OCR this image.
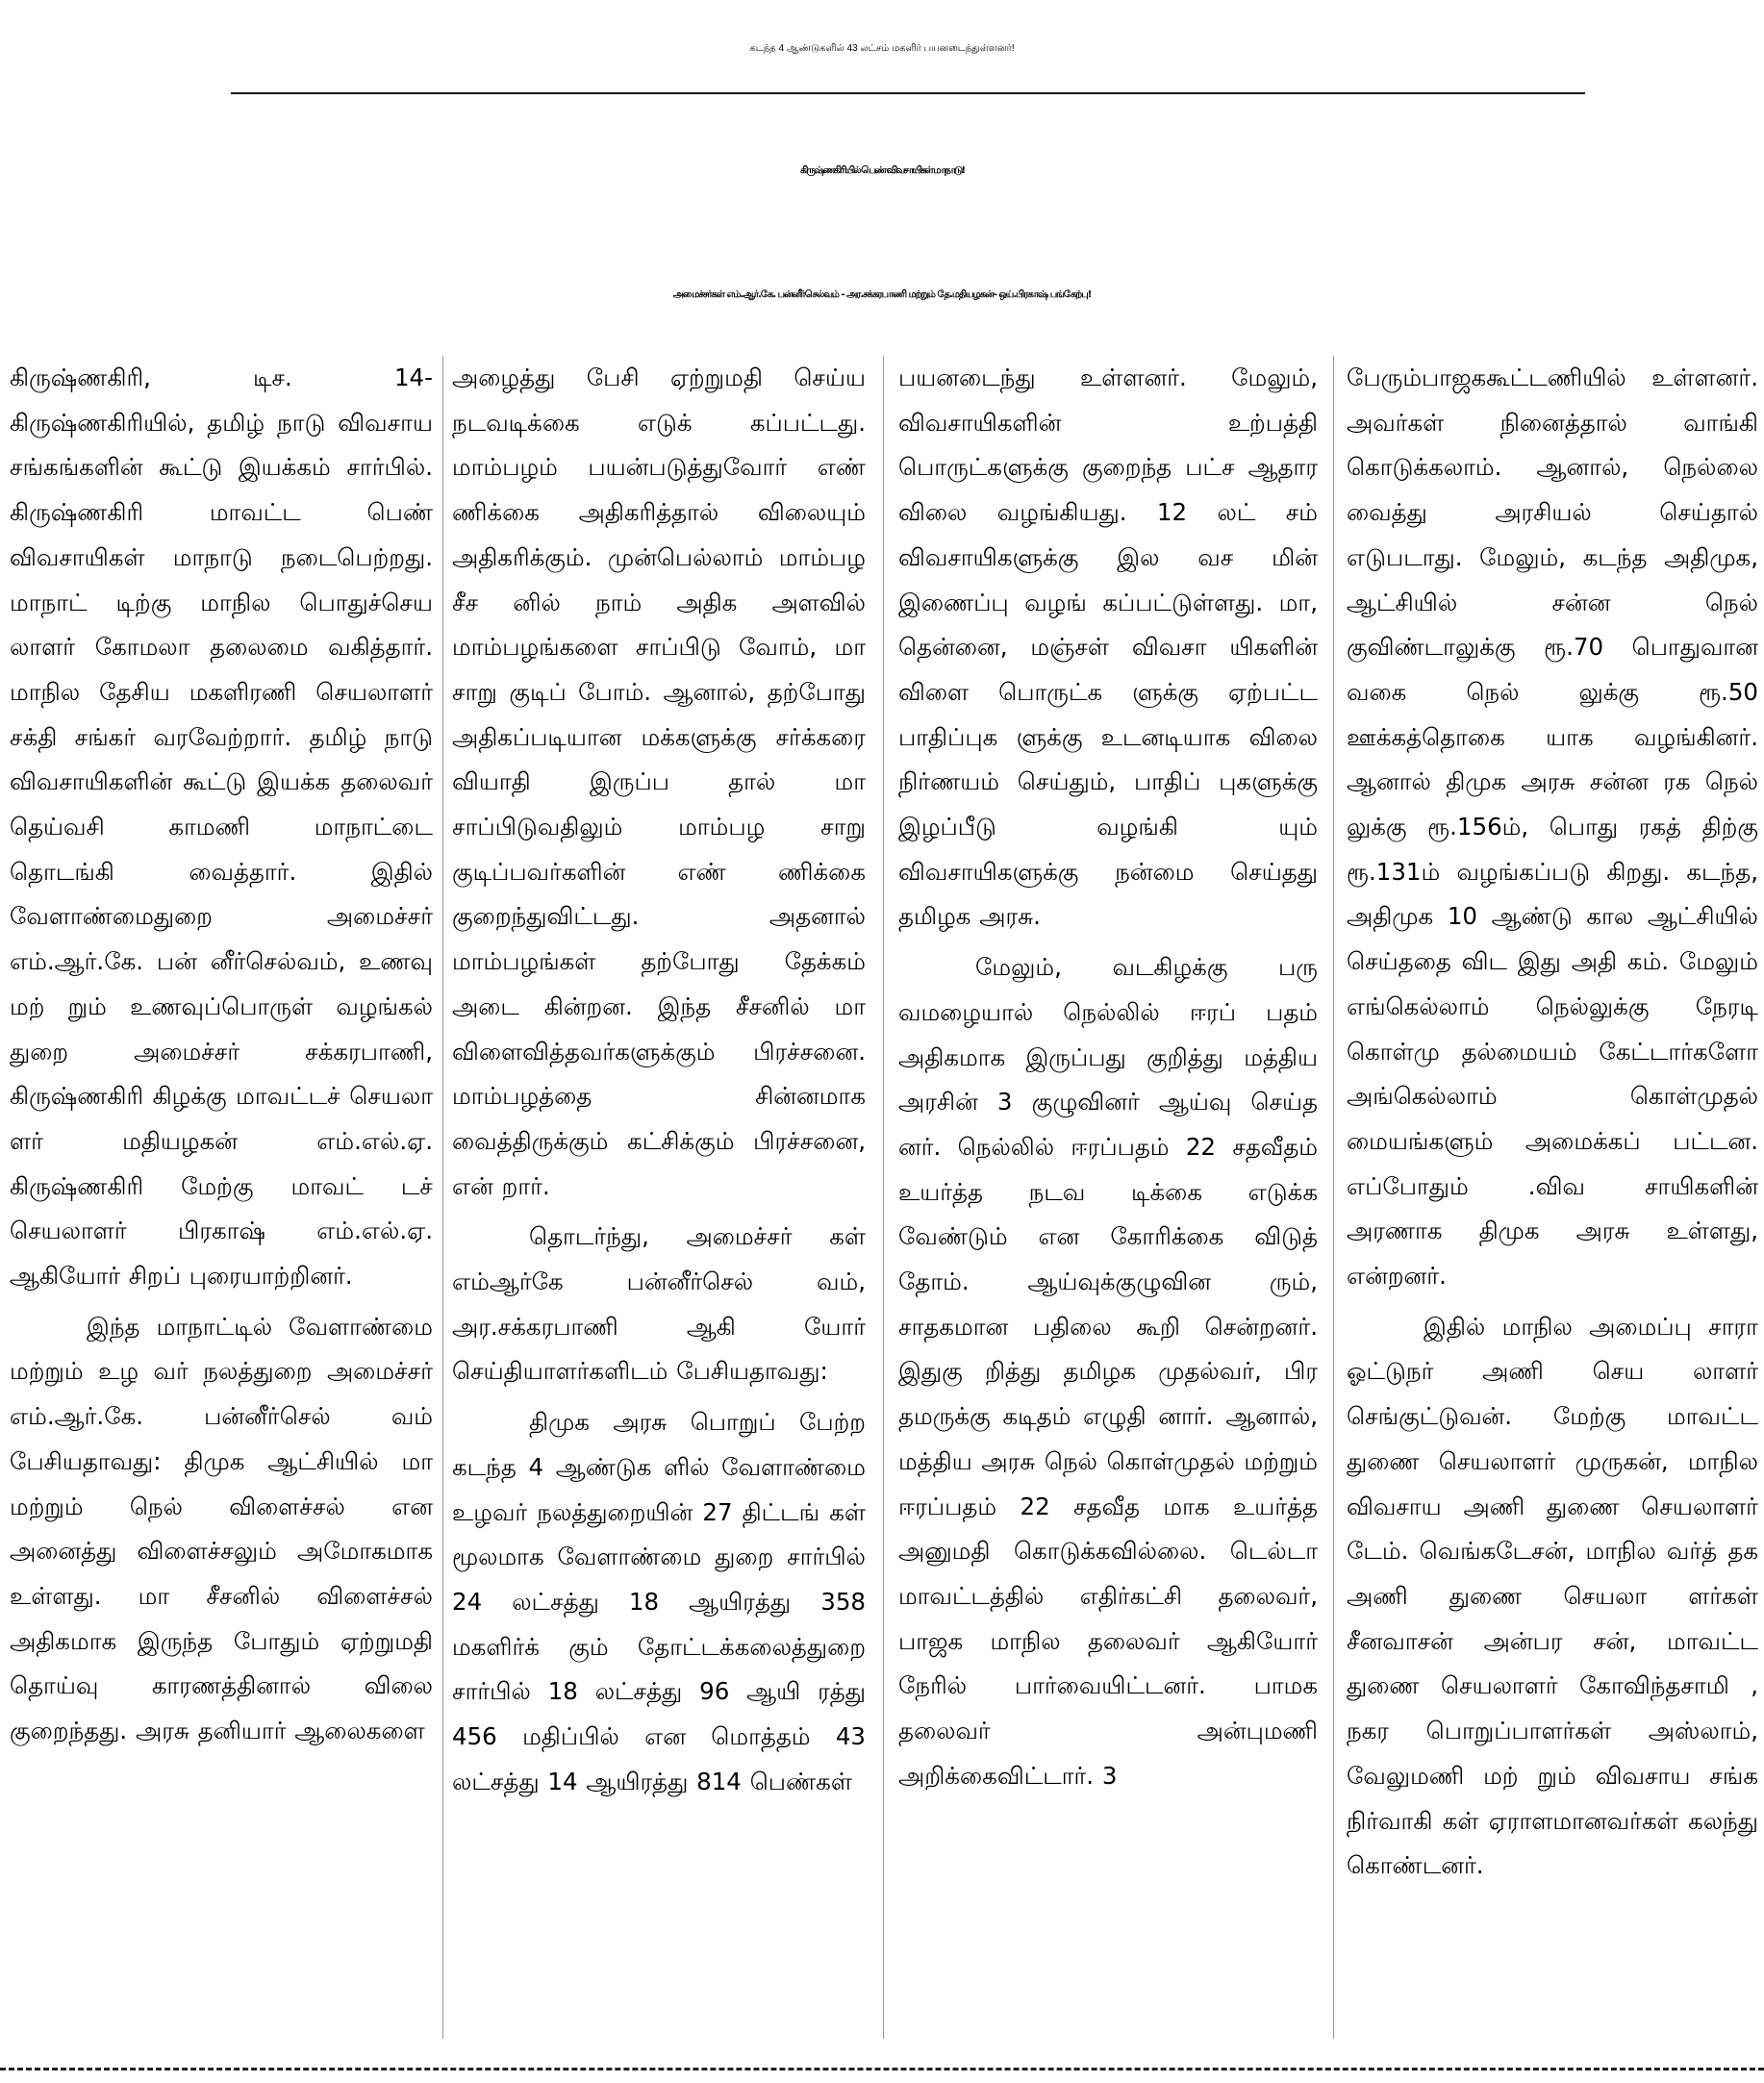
கடந்த 4 ஆண்டுகளில் 43 லட்சம் மகளிர் பயனடைந்துள்ளனர்!
கிருஷ்ணகிரியில் பெண் விவசாயிகள் மாநாடு!
அமைச்சர்கள் எம்.ஆர்.கே. பன்னீர்செல்வம் - அர.சக்கரபாணி மற்றும் தே.மதியழகன்- ஒய்.பிரகாஷ் பங்கேற்பு!

கிருஷ்ணகிரி, டிச. 14- கிருஷ்ணகிரியில், தமிழ் நாடு விவசாய சங்கங்களின் கூட்டு இயக்கம் சார்பில். கிருஷ்ணகிரி மாவட்ட பெண் விவசாயிகள் மாநாடு நடைபெற்றது. மாநாட் டிற்கு மாநில பொதுச்செய லாளர் கோமலா தலைமை வகித்தார். மாநில தேசிய மகளிரணி செயலாளர் சக்தி சங்கர் வரவேற்றார். தமிழ் நாடு விவசாயிகளின் கூட்டு இயக்க தலைவர் தெய்வசி காமணி மாநாட்டை தொடங்கி வைத்தார். இதில் வேளாண்மைதுறை அமைச்சர் எம்.ஆர்.கே. பன் னீர்செல்வம், உணவு மற் றும் உணவுப்பொருள் வழங்கல் துறை அமைச்சர் சக்கரபாணி, கிருஷ்ணகிரி கிழக்கு மாவட்டச் செயலா ளர் மதியழகன் எம்.எல்.ஏ. கிருஷ்ணகிரி மேற்கு மாவட் டச் செயலாளர் பிரகாஷ் எம்.எல்.ஏ. ஆகியோர் சிறப் புரையாற்றினர்.

இந்த மாநாட்டில் வேளாண்மை மற்றும் உழ வர் நலத்துறை அமைச்சர் எம்.ஆர்.கே. பன்னீர்செல் வம் பேசியதாவது: திமுக ஆட்சியில் மா மற்றும் நெல் விளைச்சல் என அனைத்து விளைச்சலும் அமோகமாக உள்ளது. மா சீசனில் விளைச்சல் அதிகமாக இருந்த போதும் ஏற்றுமதி தொய்வு காரணத்தினால் விலை குறைந்தது. அரசு தனியார் ஆலைகளை

அழைத்து பேசி ஏற்றுமதி செய்ய நடவடிக்கை எடுக் கப்பட்டது. மாம்பழம் பயன்படுத்துவோர் எண் ணிக்கை அதிகரித்தால் விலையும் அதிகரிக்கும். முன்பெல்லாம் மாம்பழ சீச னில் நாம் அதிக அளவில் மாம்பழங்களை சாப்பிடு வோம், மா சாறு குடிப் போம். ஆனால், தற்போது அதிகப்படியான மக்களுக்கு சர்க்கரை வியாதி இருப்ப தால் மா சாப்பிடுவதிலும் மாம்பழ சாறு குடிப்பவர்களின் எண் ணிக்கை குறைந்துவிட்டது. அதனால் மாம்பழங்கள் தற்போது தேக்கம் அடை கின்றன. இந்த சீசனில் மா விளைவித்தவர்களுக்கும் பிரச்சனை. மாம்பழத்தை சின்னமாக வைத்திருக்கும் கட்சிக்கும் பிரச்சனை, என் றார்.

தொடர்ந்து, அமைச்சர் கள் எம்ஆர்கே பன்னீர்செல் வம், அர.சக்கரபாணி ஆகி யோர் செய்தியாளர்களிடம் பேசியதாவது:

திமுக அரசு பொறுப் பேற்ற கடந்த 4 ஆண்டுக ளில் வேளாண்மை உழவர் நலத்துறையின் 27 திட்டங் கள் மூலமாக வேளாண்மை துறை சார்பில் 24 லட்சத்து 18 ஆயிரத்து 358 மகளிர்க் கும் தோட்டக்கலைத்துறை சார்பில் 18 லட்சத்து 96 ஆயி ரத்து 456 மதிப்பில் என மொத்தம் 43 லட்சத்து 14 ஆயிரத்து 814 பெண்கள்

பயனடைந்து உள்ளனர். மேலும், விவசாயிகளின் உற்பத்தி பொருட்களுக்கு குறைந்த பட்ச ஆதார விலை வழங்கியது. 12 லட் சம் விவசாயிகளுக்கு இல வச மின் இணைப்பு வழங் கப்பட்டுள்ளது. மா, தென்னை, மஞ்சள் விவசா யிகளின் விளை பொருட்க ளுக்கு ஏற்பட்ட பாதிப்புக ளுக்கு உடனடியாக விலை நிர்ணயம் செய்தும், பாதிப் புகளுக்கு இழப்பீடு வழங்கி யும் விவசாயிகளுக்கு நன்மை செய்தது தமிழக அரசு.

மேலும், வடகிழக்கு பரு வமழையால் நெல்லில் ஈரப் பதம் அதிகமாக இருப்பது குறித்து மத்திய அரசின் 3 குழுவினர் ஆய்வு செய்த னர். நெல்லில் ஈரப்பதம் 22 சதவீதம் உயர்த்த நடவ டிக்கை எடுக்க வேண்டும் என கோரிக்கை விடுத் தோம். ஆய்வுக்குழுவின ரும், சாதகமான பதிலை கூறி சென்றனர். இதுகு றித்து தமிழக முதல்வர், பிர தமருக்கு கடிதம் எழுதி னார். ஆனால், மத்திய அரசு நெல் கொள்முதல் மற்றும் ஈரப்பதம் 22 சதவீத மாக உயர்த்த அனுமதி கொடுக்கவில்லை. டெல்டா மாவட்டத்தில் எதிர்கட்சி தலைவர், பாஜக மாநில தலைவர் ஆகியோர் நேரில் பார்வையிட்டனர். பாமக தலைவர் அன்புமணி அறிக்கைவிட்டார். 3

பேரும்பாஜககூட்டணியில் உள்ளனர். அவர்கள் நினைத்தால் வாங்கி கொடுக்கலாம். ஆனால், நெல்லை வைத்து அரசியல் செய்தால் எடுபடாது. மேலும், கடந்த அதிமுக, ஆட்சியில் சன்ன நெல் குவிண்டாலுக்கு ரூ.70 பொதுவான வகை நெல் லுக்கு ரூ.50 ஊக்கத்தொகை யாக வழங்கினர். ஆனால் திமுக அரசு சன்ன ரக நெல் லுக்கு ரூ.156ம், பொது ரகத் திற்கு ரூ.131ம் வழங்கப்படு கிறது. கடந்த, அதிமுக 10 ஆண்டு கால ஆட்சியில் செய்ததை விட இது அதி கம். மேலும் எங்கெல்லாம் நெல்லுக்கு நேரடி கொள்மு தல்மையம் கேட்டார்களோ அங்கெல்லாம் கொள்முதல் மையங்களும் அமைக்கப் பட்டன. எப்போதும் .விவ சாயிகளின் அரணாக திமுக அரசு உள்ளது, என்றனர்.

இதில் மாநில அமைப்பு சாரா ஓட்டுநர் அணி செய லாளர் செங்குட்டுவன். மேற்கு மாவட்ட துணை செயலாளர் முருகன், மாநில விவசாய அணி துணை செயலாளர் டேம். வெங்கடேசன், மாநில வர்த் தக அணி துணை செயலா ளர்கள் சீனவாசன் அன்பர சன், மாவட்ட துணை செயலாளர் கோவிந்தசாமி , நகர பொறுப்பாளர்கள் அஸ்லாம், வேலுமணி மற் றும் விவசாய சங்க நிர்வாகி கள் ஏராளமானவர்கள் கலந்து கொண்டனர்.
